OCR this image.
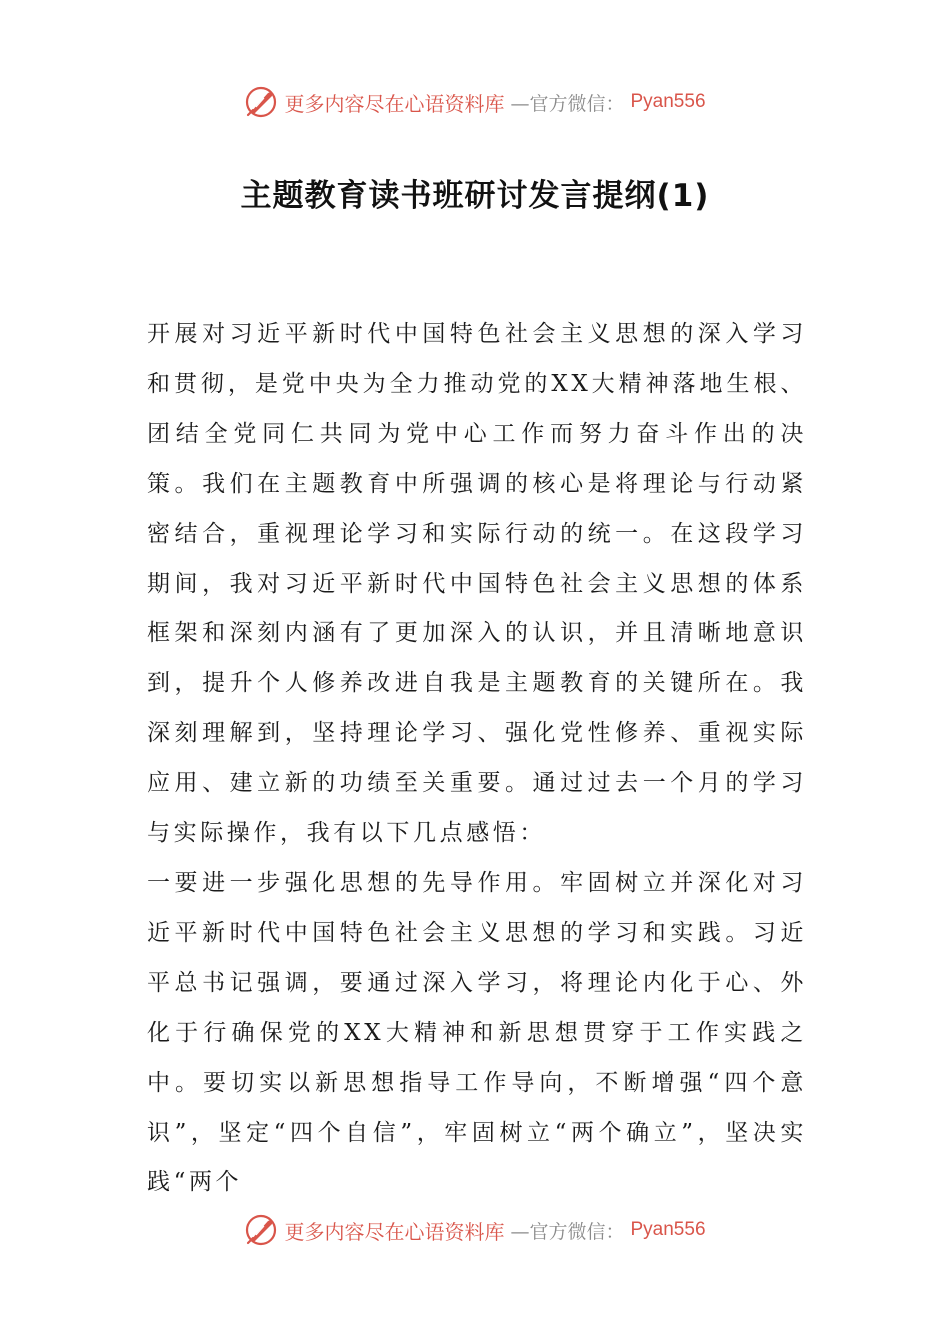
更多内容尽在心语资料库 —官方微信： Pyan556
主题教育读书班研讨发言提纲(1)

开展对习近平新时代中国特色社会主义思想的深入学习和贯彻，是党中央为全力推动党的XX大精神落地生根、团结全党同仁共同为党中心工作而努力奋斗作出的决策。我们在主题教育中所强调的核心是将理论与行动紧密结合，重视理论学习和实际行动的统一。在这段学习期间，我对习近平新时代中国特色社会主义思想的体系框架和深刻内涵有了更加深入的认识，并且清晰地意识到，提升个人修养改进自我是主题教育的关键所在。我深刻理解到，坚持理论学习、强化党性修养、重视实际应用、建立新的功绩至关重要。通过过去一个月的学习与实际操作，我有以下几点感悟：

一要进一步强化思想的先导作用。牢固树立并深化对习近平新时代中国特色社会主义思想的学习和实践。习近平总书记强调，要通过深入学习，将理论内化于心、外化于行确保党的XX大精神和新思想贯穿于工作实践之中。要切实以新思想指导工作导向，不断增强“四个意识”，坚定“四个自信”，牢固树立“两个确立”，坚决实践“两个

更多内容尽在心语资料库 —官方微信： Pyan556
